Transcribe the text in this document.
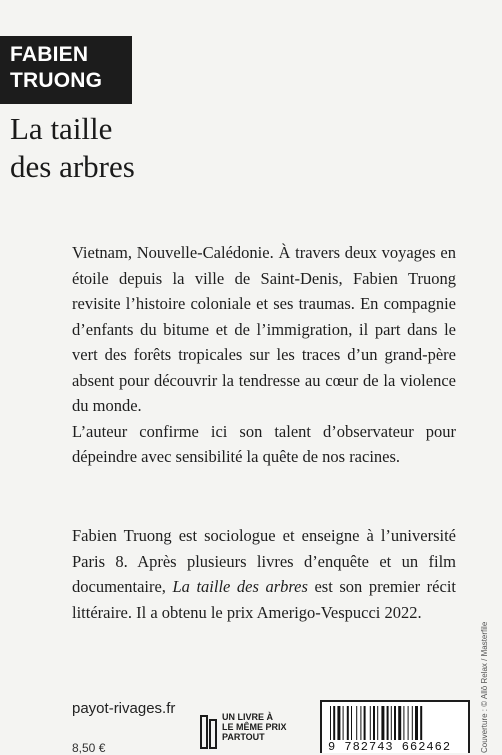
FABIEN
TRUONG
La taille
des arbres

Vietnam, Nouvelle-Calédonie. À travers deux voyages en étoile depuis la ville de Saint-Denis, Fabien Truong revisite l’histoire coloniale et ses traumas. En compagnie d’enfants du bitume et de l’immigration, il part dans le vert des forêts tropicales sur les traces d’un grand-père absent pour découvrir la tendresse au cœur de la violence du monde.

L’auteur confirme ici son talent d’observateur pour dépeindre avec sensibilité la quête de nos racines.

Fabien Truong est sociologue et enseigne à l’université Paris 8. Après plusieurs livres d’enquête et un film documentaire, La taille des arbres est son premier récit littéraire. Il a obtenu le prix Amerigo-Vespucci 2022.
payot-rivages.fr
8,50 €
UN LIVRE À
LE MÊME PRIX
PARTOUT
9 782743 662462	Couverture : © Allô Relax / Masterfile
